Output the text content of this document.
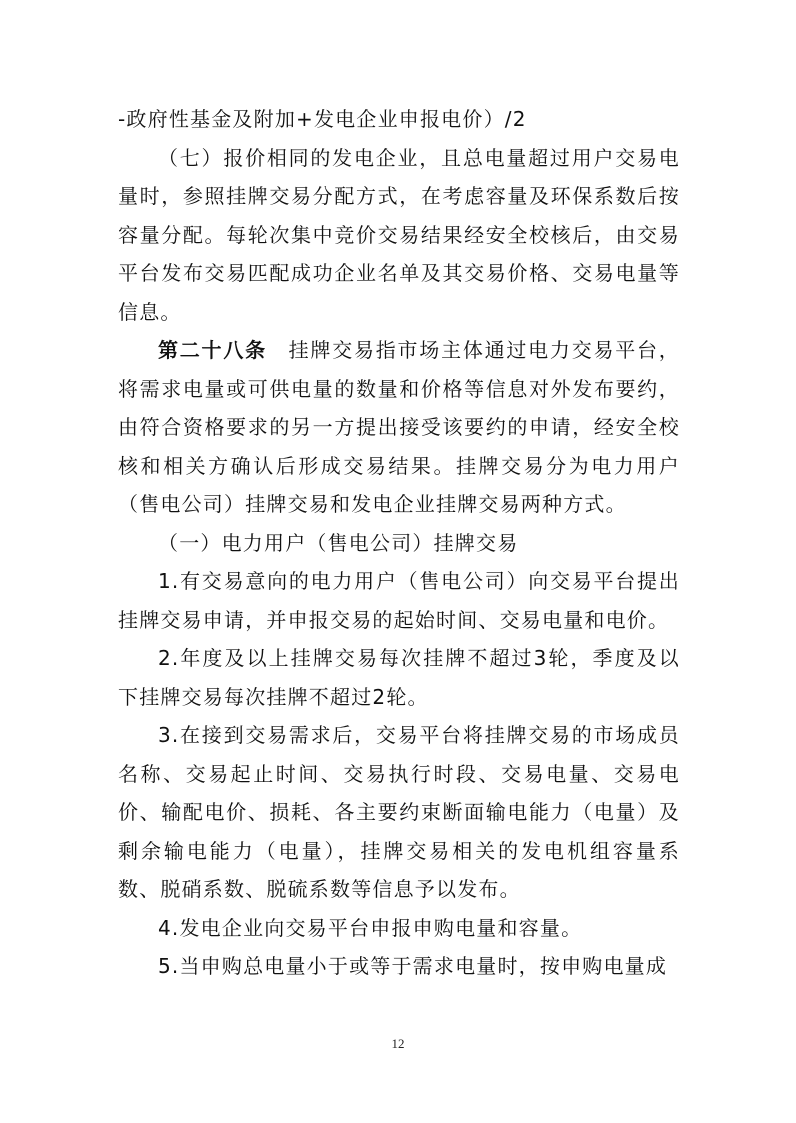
-政府性基金及附加+发电企业申报电价）/2

（七）报价相同的发电企业，且总电量超过用户交易电量时，参照挂牌交易分配方式，在考虑容量及环保系数后按容量分配。每轮次集中竞价交易结果经安全校核后，由交易平台发布交易匹配成功企业名单及其交易价格、交易电量等信息。

第二十八条  挂牌交易指市场主体通过电力交易平台，将需求电量或可供电量的数量和价格等信息对外发布要约，由符合资格要求的另一方提出接受该要约的申请，经安全校核和相关方确认后形成交易结果。挂牌交易分为电力用户（售电公司）挂牌交易和发电企业挂牌交易两种方式。

（一）电力用户（售电公司）挂牌交易

1.有交易意向的电力用户（售电公司）向交易平台提出挂牌交易申请，并申报交易的起始时间、交易电量和电价。

2.年度及以上挂牌交易每次挂牌不超过3轮，季度及以下挂牌交易每次挂牌不超过2轮。

3.在接到交易需求后，交易平台将挂牌交易的市场成员名称、交易起止时间、交易执行时段、交易电量、交易电价、输配电价、损耗、各主要约束断面输电能力（电量）及剩余输电能力（电量），挂牌交易相关的发电机组容量系数、脱硝系数、脱硫系数等信息予以发布。

4.发电企业向交易平台申报申购电量和容量。

5.当申购总电量小于或等于需求电量时，按申购电量成

12
